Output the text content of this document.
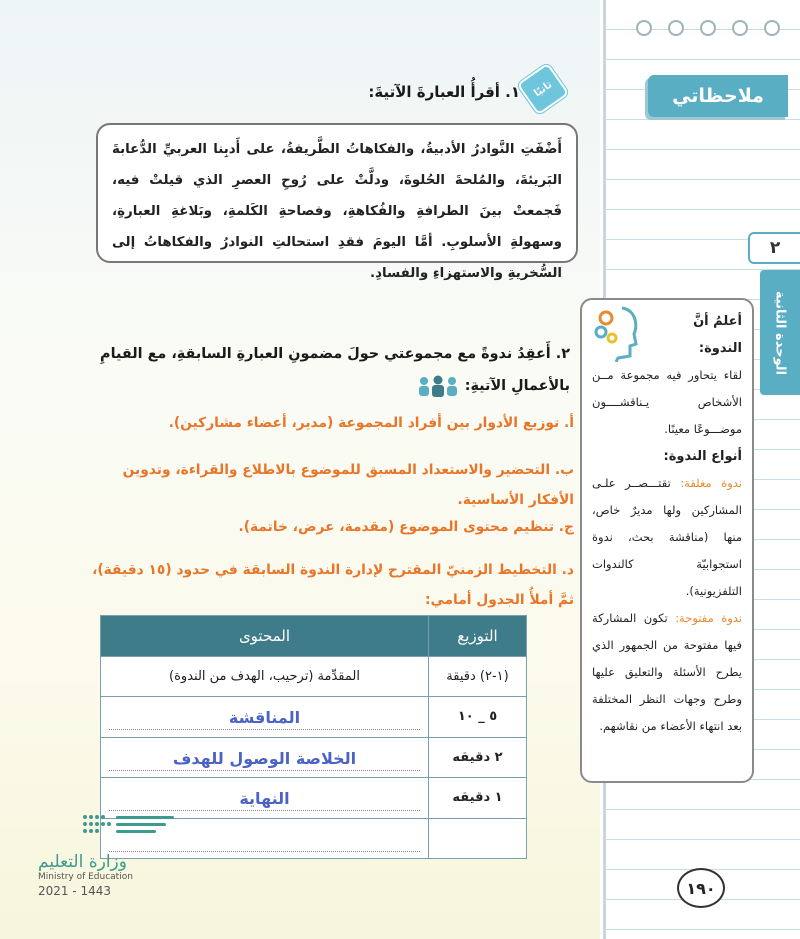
ملاحظاتي
٢
الوحدة الثانية
ثانيًا
١. أقرأُ العبارةَ الآتيةَ:
أَضْفَتِ النَّوادرُ الأدبيةُ، والفكاهاتُ الطَّريفةُ، على أَدبِنا العربيِّ الدُّعابةَ البَريئةَ، والمُلحةَ الحُلوةَ، ودلَّتْ على رُوحِ العصرِ الذي قيلتْ فيه، فَجمعتْ بينَ الطرافةِ والفُكاهةِ، وفصاحةِ الكَلمةِ، وبَلاغةِ العبارةِ، وسهولةِ الأسلوبِ. أمَّا اليومَ فقدِ استحالتِ النوادرُ والفكاهاتُ إلى السُّخريةِ والاستهزاءِ والفسادِ.
٢. أَعقِدُ ندوةً مع مجموعتي حولَ مضمونِ العبارةِ السابقةِ، مع القيامِ بالأعمالِ الآتيةِ:
أ. توزيع الأدوار بين أفراد المجموعة (مدير، أعضاء مشاركين).
ب. التحضير والاستعداد المسبق للموضوع بالاطلاع والقراءة، وتدوين الأفكار الأساسية.
ج. تنظيم محتوى الموضوع (مقدمة، عرض، خاتمة).
د. التخطيط الزمنيّ المقترح لإدارة الندوة السابقة في حدود (١٥ دقيقة)، ثمَّ أملأُ الجدول أمامي:
التوزيع	المحتوى
(١-٢) دقيقة	المقدِّمة (ترحيب، الهدف من الندوة)
٥ _ ١٠	المناقشة

٢ دقيقه	الخلاصة الوصول للهدف

١ دقيقه	النهاية

أعلمُ أنَّ
الندوة:
لقاء يتحاور فيه مجموعة مــن الأشخاص يـناقشــــون موضـــوعًا معينًا.
أنواع الندوة:
ندوة مغلقة: تقتـــصــر علـى المشاركين ولها مديرٌ خاص، منها (مناقشة بحث، ندوة استجوابيّة كالندوات التلفزيونية).
ندوة مفتوحة: تكون المشاركة فيها مفتوحة من الجمهور الذي يطرح الأسئلة والتعليق عليها وطرح وجهات النظر المختلفة بعد انتهاء الأعضاء من نقاشهم.
وزارة التعليم
Ministry of Education
2021 - 1443	١٩٠
